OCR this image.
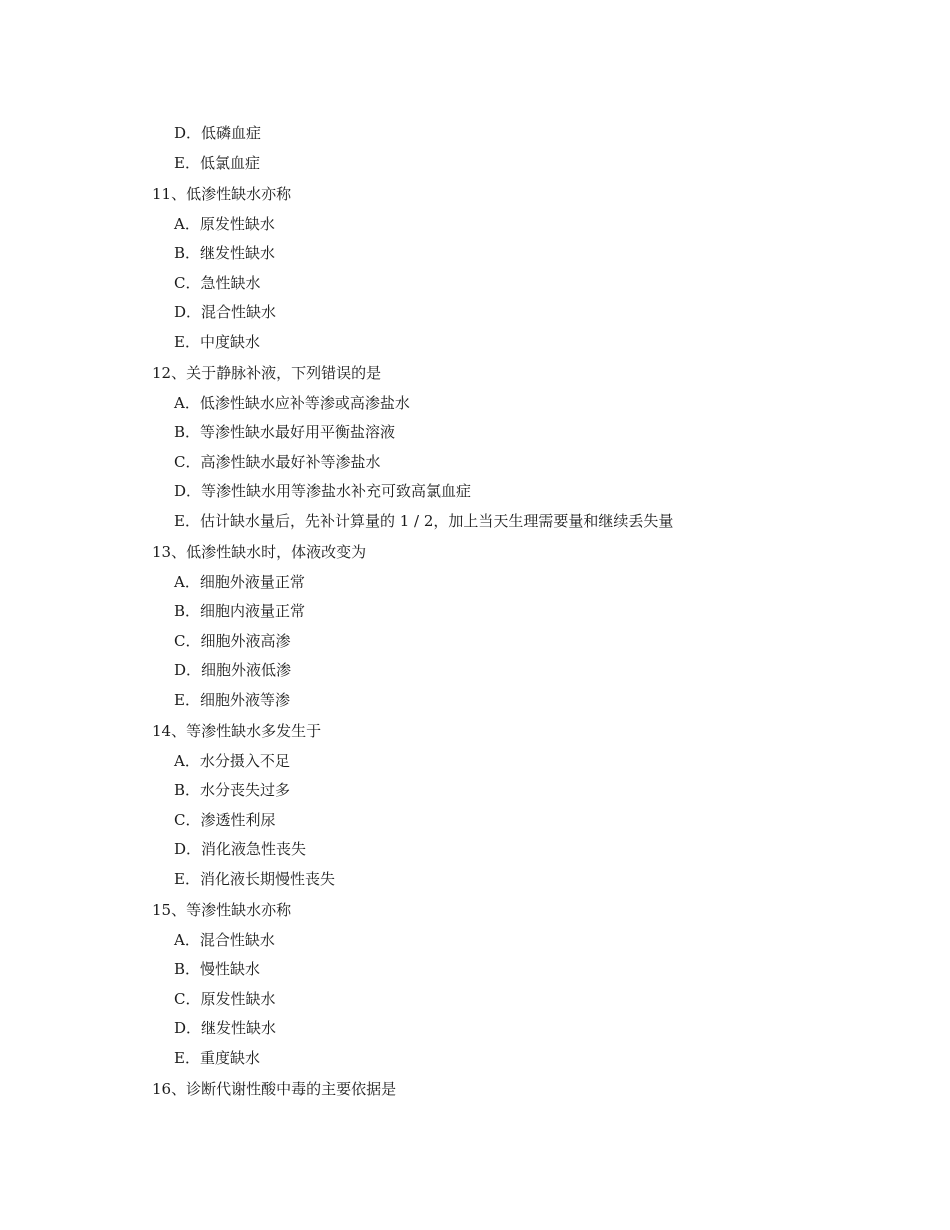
D．低磷血症

E．低氯血症

11、低渗性缺水亦称

A．原发性缺水

B．继发性缺水

C．急性缺水

D．混合性缺水

E．中度缺水

12、关于静脉补液，下列错误的是

A．低渗性缺水应补等渗或高渗盐水

B．等渗性缺水最好用平衡盐溶液

C．高渗性缺水最好补等渗盐水

D．等渗性缺水用等渗盐水补充可致高氯血症

E．估计缺水量后，先补计算量的 1 / 2，加上当天生理需要量和继续丢失量

13、低渗性缺水时，体液改变为

A．细胞外液量正常

B．细胞内液量正常

C．细胞外液高渗

D．细胞外液低渗

E．细胞外液等渗

14、等渗性缺水多发生于

A．水分摄入不足

B．水分丧失过多

C．渗透性利尿

D．消化液急性丧失

E．消化液长期慢性丧失

15、等渗性缺水亦称

A．混合性缺水

B．慢性缺水

C．原发性缺水

D．继发性缺水

E．重度缺水

16、诊断代谢性酸中毒的主要依据是
